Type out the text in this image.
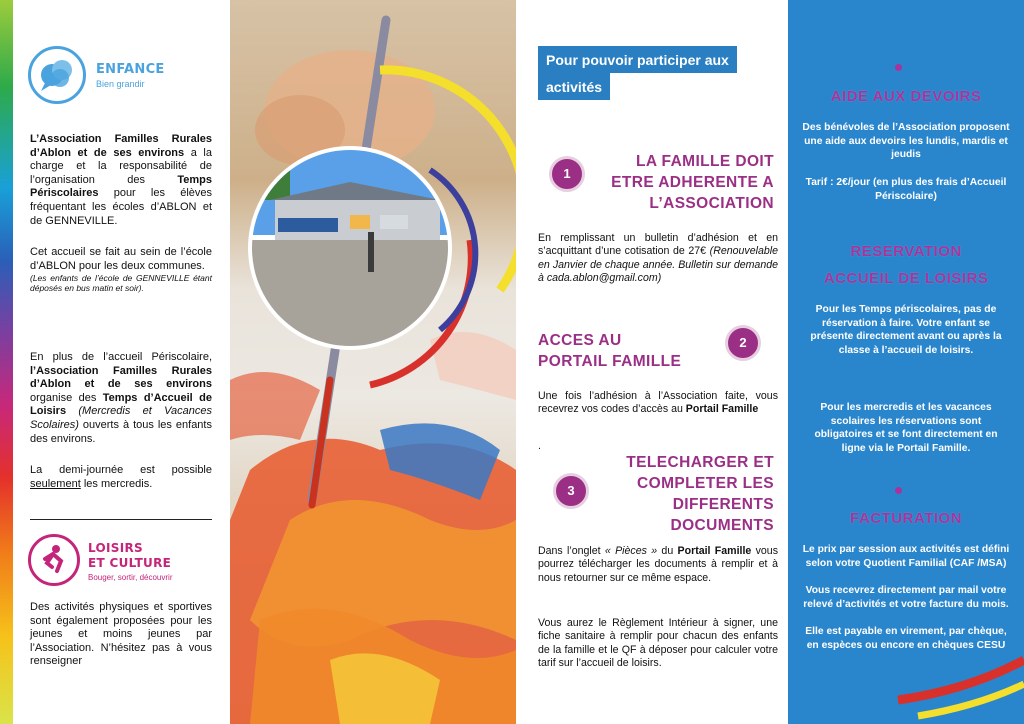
ENFANCE
Bien grandir
L’Association Familles Rurales d’Ablon et de ses environs a la charge et la responsabilité de l’organisation des Temps Périscolaires pour les élèves fréquentant les écoles d’ABLON et de GENNEVILLE.
Cet accueil se fait au sein de l’école d’ABLON pour les deux communes.
(Les enfants de l’école de GENNEVILLE étant déposés en bus matin et soir).
En plus de l’accueil Périscolaire, l’Association Familles Rurales d’Ablon et de ses environs organise des Temps d’Accueil de Loisirs (Mercredis et Vacances Scolaires) ouverts à tous les enfants des environs.
La demi-journée est possible seulement les mercredis.
LOISIRS
ET CULTURE
Bouger, sortir, découvrir
Des activités physiques et sportives sont également proposées pour les jeunes et moins jeunes par l’Association. N’hésitez pas à vous renseigner
Pour pouvoir participer aux
activités
1
LA FAMILLE DOIT
ETRE ADHERENTE A
L’ASSOCIATION
En remplissant un bulletin d’adhésion et en s’acquittant d’une cotisation de 27€ (Renouvelable en Janvier de chaque année. Bulletin sur demande à cada.ablon@gmail.com)
ACCES AU
PORTAIL FAMILLE
2
Une fois l’adhésion à l’Association faite, vous recevrez vos codes d’accès au Portail Famille
.
3
TELECHARGER ET
COMPLETER LES
DIFFERENTS
DOCUMENTS
Dans l’onglet « Pièces » du Portail Famille vous pourrez télécharger les documents à remplir et à nous retourner sur ce même espace.
Vous aurez le Règlement Intérieur à signer, une fiche sanitaire à remplir pour chacun des enfants de la famille et le QF à déposer pour calculer votre tarif sur l’accueil de loisirs.
AIDE AUX DEVOIRS
Des bénévoles de l’Association proposent une aide aux devoirs les lundis, mardis et jeudis
Tarif : 2€/jour (en plus des frais d’Accueil Périscolaire)
RESERVATION
ACCUEIL DE LOISIRS
Pour les Temps périscolaires, pas de réservation à faire. Votre enfant se présente directement avant ou après la classe à l’accueil de loisirs.
Pour les mercredis et les vacances scolaires les réservations sont obligatoires et se font directement en ligne via le Portail Famille.
FACTURATION
Le prix par session aux activités est défini selon votre Quotient Familial (CAF /MSA)
Vous recevrez directement par mail votre relevé d’activités et votre facture du mois.
Elle est payable en virement, par chèque, en espèces ou encore en chèques CESU
